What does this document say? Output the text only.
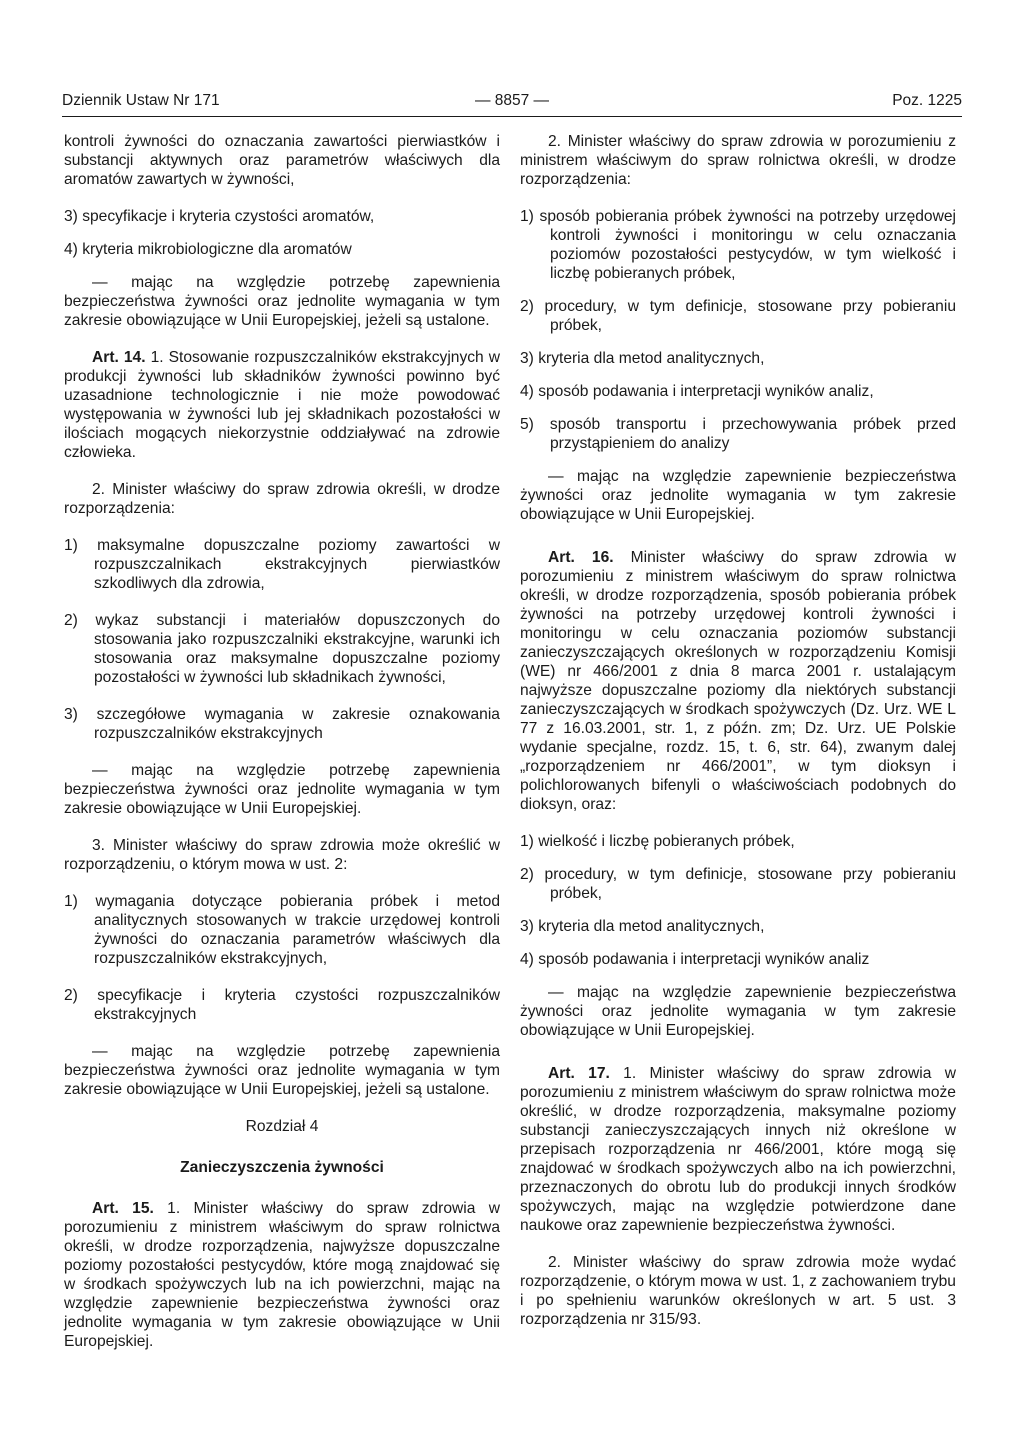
Dziennik Ustaw Nr 171	— 8857 —	Poz. 1225

kontroli żywności do oznaczania zawartości pierwiastków i substancji aktywnych oraz parametrów właściwych dla aromatów zawartych w żywności,

3) specyfikacje i kryteria czystości aromatów,

4) kryteria mikrobiologiczne dla aromatów

— mając na względzie potrzebę zapewnienia bezpieczeństwa żywności oraz jednolite wymagania w tym zakresie obowiązujące w Unii Europejskiej, jeżeli są ustalone.

Art. 14. 1. Stosowanie rozpuszczalników ekstrakcyjnych w produkcji żywności lub składników żywności powinno być uzasadnione technologicznie i nie może powodować występowania w żywności lub jej składnikach pozostałości w ilościach mogących niekorzystnie oddziaływać na zdrowie człowieka.

2. Minister właściwy do spraw zdrowia określi, w drodze rozporządzenia:

1) maksymalne dopuszczalne poziomy zawartości w rozpuszczalnikach ekstrakcyjnych pierwiastków szkodliwych dla zdrowia,

2) wykaz substancji i materiałów dopuszczonych do stosowania jako rozpuszczalniki ekstrakcyjne, warunki ich stosowania oraz maksymalne dopuszczalne poziomy pozostałości w żywności lub składnikach żywności,

3) szczegółowe wymagania w zakresie oznakowania rozpuszczalników ekstrakcyjnych

— mając na względzie potrzebę zapewnienia bezpieczeństwa żywności oraz jednolite wymagania w tym zakresie obowiązujące w Unii Europejskiej.

3. Minister właściwy do spraw zdrowia może określić w rozporządzeniu, o którym mowa w ust. 2:

1) wymagania dotyczące pobierania próbek i metod analitycznych stosowanych w trakcie urzędowej kontroli żywności do oznaczania parametrów właściwych dla rozpuszczalników ekstrakcyjnych,

2) specyfikacje i kryteria czystości rozpuszczalników ekstrakcyjnych

— mając na względzie potrzebę zapewnienia bezpieczeństwa żywności oraz jednolite wymagania w tym zakresie obowiązujące w Unii Europejskiej, jeżeli są ustalone.

Rozdział 4

Zanieczyszczenia żywności

Art. 15. 1. Minister właściwy do spraw zdrowia w porozumieniu z ministrem właściwym do spraw rolnictwa określi, w drodze rozporządzenia, najwyższe dopuszczalne poziomy pozostałości pestycydów, które mogą znajdować się w środkach spożywczych lub na ich powierzchni, mając na względzie zapewnienie bezpieczeństwa żywności oraz jednolite wymagania w tym zakresie obowiązujące w Unii Europejskiej.

2. Minister właściwy do spraw zdrowia w porozumieniu z ministrem właściwym do spraw rolnictwa określi, w drodze rozporządzenia:

1) sposób pobierania próbek żywności na potrzeby urzędowej kontroli żywności i monitoringu w celu oznaczania poziomów pozostałości pestycydów, w tym wielkość i liczbę pobieranych próbek,

2) procedury, w tym definicje, stosowane przy pobieraniu próbek,

3) kryteria dla metod analitycznych,

4) sposób podawania i interpretacji wyników analiz,

5) sposób transportu i przechowywania próbek przed przystąpieniem do analizy

— mając na względzie zapewnienie bezpieczeństwa żywności oraz jednolite wymagania w tym zakresie obowiązujące w Unii Europejskiej.

Art. 16. Minister właściwy do spraw zdrowia w porozumieniu z ministrem właściwym do spraw rolnictwa określi, w drodze rozporządzenia, sposób pobierania próbek żywności na potrzeby urzędowej kontroli żywności i monitoringu w celu oznaczania poziomów substancji zanieczyszczających określonych w rozporządzeniu Komisji (WE) nr 466/2001 z dnia 8 marca 2001 r. ustalającym najwyższe dopuszczalne poziomy dla niektórych substancji zanieczyszczających w środkach spożywczych (Dz. Urz. WE L 77 z 16.03.2001, str. 1, z późn. zm; Dz. Urz. UE Polskie wydanie specjalne, rozdz. 15, t. 6, str. 64), zwanym dalej „rozporządzeniem nr 466/2001”, w tym dioksyn i polichlorowanych bifenyli o właściwościach podobnych do dioksyn, oraz:

1) wielkość i liczbę pobieranych próbek,

2) procedury, w tym definicje, stosowane przy pobieraniu próbek,

3) kryteria dla metod analitycznych,

4) sposób podawania i interpretacji wyników analiz

— mając na względzie zapewnienie bezpieczeństwa żywności oraz jednolite wymagania w tym zakresie obowiązujące w Unii Europejskiej.

Art. 17. 1. Minister właściwy do spraw zdrowia w porozumieniu z ministrem właściwym do spraw rolnictwa może określić, w drodze rozporządzenia, maksymalne poziomy substancji zanieczyszczających innych niż określone w przepisach rozporządzenia nr 466/2001, które mogą się znajdować w środkach spożywczych albo na ich powierzchni, przeznaczonych do obrotu lub do produkcji innych środków spożywczych, mając na względzie potwierdzone dane naukowe oraz zapewnienie bezpieczeństwa żywności.

2. Minister właściwy do spraw zdrowia może wydać rozporządzenie, o którym mowa w ust. 1, z zachowaniem trybu i po spełnieniu warunków określonych w art. 5 ust. 3 rozporządzenia nr 315/93.
